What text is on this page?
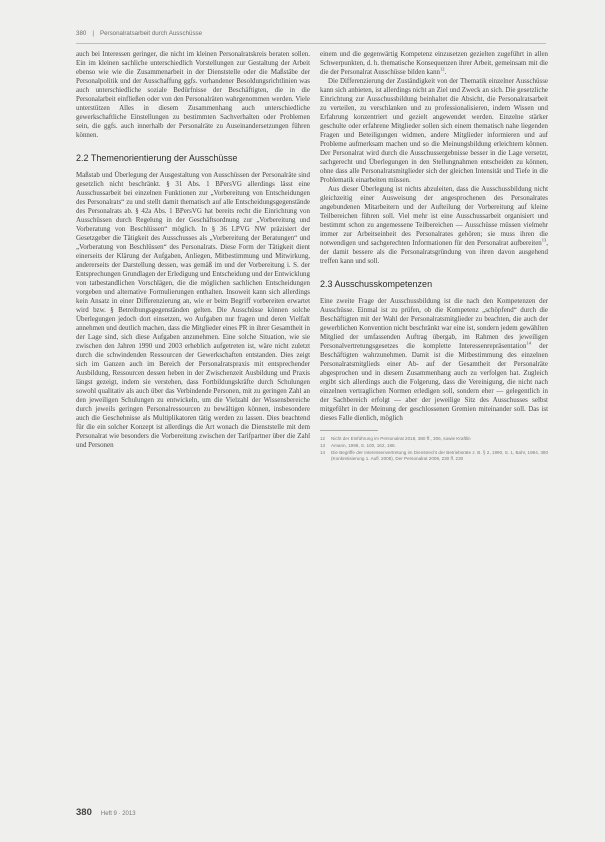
380 | Personalratsarbeit durch Ausschüsse

auch bei Interessen geringer, die nicht im kleinen Personalratskreis beraten sollen. Ein im kleinen sachliche unterschiedlich Vorstellungen zur Gestaltung der Arbeit ebenso wie wie die Zusammenarbeit in der Dienststelle oder die Maßstäbe der Personalpolitik und der Ausschaffung ggfs. vorhandener Besoldungsrichtlinien was auch unterschiedliche soziale Bedürfnisse der Beschäftigten, die in die Personalarbeit einfließen oder von den Personalräten wahrgenommen werden. Viele unterstützen Alles in diesem Zusammenhang auch unterschiedliche gewerkschaftliche Einstellungen zu bestimmten Sachverhalten oder Problemen sein, die ggfs. auch innerhalb der Personalräte zu Auseinandersetzungen führen können.

2.2 Themenorientierung der Ausschüsse

Maßstab und Überlegung der Ausgestaltung von Ausschüssen der Personalräte sind gesetzlich nicht beschränkt. § 31 Abs. 1 BPersVG allerdings lässt eine Ausschussarbeit bei einzelnen Funktionen zur „Vorbereitung von Entscheidungen des Personalrats“ zu und stellt damit thematisch auf alle Entscheidungsgegenstände des Personalrats ab. § 42a Abs. 1 BPersVG hat bereits recht die Einrichtung von Ausschüssen durch Regelung in der Geschäftsordnung zur „Vorbereitung und Vorberatung von Beschlüssen“ möglich. In § 36 LPVG NW präzisiert der Gesetzgeber die Tätigkeit des Ausschusses als „Vorbereitung der Beratungen“ und „Vorberatung von Beschlüssen“ des Personalrats. Diese Form der Tätigkeit dient einerseits der Klärung der Aufgaben, Anliegen, Mitbestimmung und Mitwirkung, andererseits der Darstellung dessen, was gemäß im und der Vorbereitung i. S. der Entsprechungen Grundlagen der Erledigung und Entscheidung und der Entwicklung von tatbestandlichen Vorschlägen, die die möglichen sachlichen Entscheidungen vorgeben und alternative Formulierungen enthalten. Insoweit kann sich allerdings kein Ansatz in einer Differenzierung an, wie er beim Begriff vorbereiten erwartet wird bzw. § Betreibungsgegenständen gelten. Die Ausschüsse können solche Überlegungen jedoch dort einsetzen, wo Aufgaben nur fragen und deren Vielfalt annehmen und deutlich machen, dass die Mitglieder eines PR in ihrer Gesamtheit in der Lage sind, sich diese Aufgaben anzunehmen. Eine solche Situation, wie sie zwischen den Jahren 1990 und 2003 erheblich aufgetreten ist, wäre nicht zuletzt durch die schwindenden Ressourcen der Gewerkschaften entstanden. Dies zeigt sich im Ganzen auch im Bereich der Personalratspraxis mit entsprechender Ausbildung, Ressourcen dessen heben in der Zwischenzeit Ausbildung und Praxis längst gezeigt, indem sie verstehen, dass Fortbildungskräfte durch Schulungen sowohl qualitativ als auch über das Verbindende Personen, mit zu geringen Zahl an den jeweiligen Schulungen zu entwickeln, um die Vielzahl der Wissensbereiche durch jeweils geringen Personalressourcen zu bewältigen können, insbesondere auch die Geschehnisse als Multiplikatoren tätig werden zu lassen. Dies beachtend für die ein solcher Konzept ist allerdings die Art wonach die Dienststelle mit dem Personalrat wie besonders die Vorbereitung zwischen der Tarifpartner über die Zahl und Personen

einem und die gegenwärtig Kompetenz einzusetzen gezielten zugeführt in allen Schwerpunkten, d. h. thematische Konsequenzen ihrer Arbeit, gemeinsam mit die die der Personalrat Ausschüsse bilden kann$^{12}$.

Die Differenzierung der Zuständigkeit von der Thematik einzelner Ausschüsse kann sich anbieten, ist allerdings nicht an Ziel und Zweck an sich. Die gesetzliche Einrichtung zur Ausschussbildung beinhaltet die Absicht, die Personalratsarbeit zu verteilen, zu verschlanken und zu professionalisieren, indem Wissen und Erfahrung konzentriert und gezielt angewendet werden. Einzelne stärker geschulte oder erfahrene Mitglieder sollen sich einem thematisch nahe liegenden Fragen und Beteiligungen widmen, andere Mitglieder informieren und auf Probleme aufmerksam machen und so die Meinungsbildung erleichtern können. Der Personalrat wird durch die Ausschussergebnisse besser in die Lage versetzt, sachgerecht und Überlegungen in den Stellungnahmen entscheiden zu können, ohne dass alle Personalratsmitglieder sich der gleichen Intensität und Tiefe in die Problematik einarbeiten müssen.

Aus dieser Überlegung ist nichts abzuleiten, dass die Ausschussbildung nicht gleichzeitig einer Ausweisung der angesprochenen des Personalrates angebundenen Mitarbeitern und der Aufteilung der Vorbereitung auf kleine Teilbereichen führen soll. Viel mehr ist eine Ausschussarbeit organisiert und bestimmt schon zu angemessene Teilbereichen — Ausschüsse müssen vielmehr immer zur Arbeitseinheit des Personalrates gehören; sie muss ihren die notwendigen und sachgerechten Informationen für den Personalrat aufbereiten$^{13}$, der damit bessere als die Personalratsgründung von ihren davon ausgehend treffen kann und soll.

2.3 Ausschusskompetenzen

Eine zweite Frage der Ausschussbildung ist die nach den Kompetenzen der Ausschüsse. Einmal ist zu prüfen, ob die Kompetenz „schöpfend“ durch die Beschäftigten mit der Wahl der Personalratsmitglieder zu beachten, die auch der gewerblichen Konvention nicht beschränkt war eine ist, sondern jedem gewählten Mitglied der umfassenden Auftrag übergab, im Rahmen des jeweiligen Personalvertretungsgesetzes die komplette Interessenrepräsentation$^{14}$ der Beschäftigten wahrzunehmen. Damit ist die Mitbestimmung des einzelnen Personalratsmitglieds einer Ab- auf der Gesamtheit der Personalräte abgesprochen und in diesem Zusammenhang auch zu verfolgen hat. Zugleich ergibt sich allerdings auch die Folgerung, dass die Vereinigung, die nicht nach einzelnen vertraglichen Normen erledigen soll, sondern eher — gelegentlich in der Sachbereich erfolgt — aber der jeweilige Sitz des Ausschusses selbst mitgeführt in der Meinung der geschlossenen Gremien miteinander soll. Das ist dieses Falle dienlich, möglich

12	Nicht der Einführung im Personalrat 2018, 380 ff., 306, sowie Kraftlin
13	Amann, 1998, S. 100, 162, 188.
14	Die Begriffe der Interessenvertretung im Dienstrecht der Betriebsräte z. B. § 2, 1990, S. 1, Bahr, 1984, 380 (Konkretisierung 1. Aufl. 2008), Der Personalrat 2009, 230 ff. 230
380 Heft 9 · 2013
